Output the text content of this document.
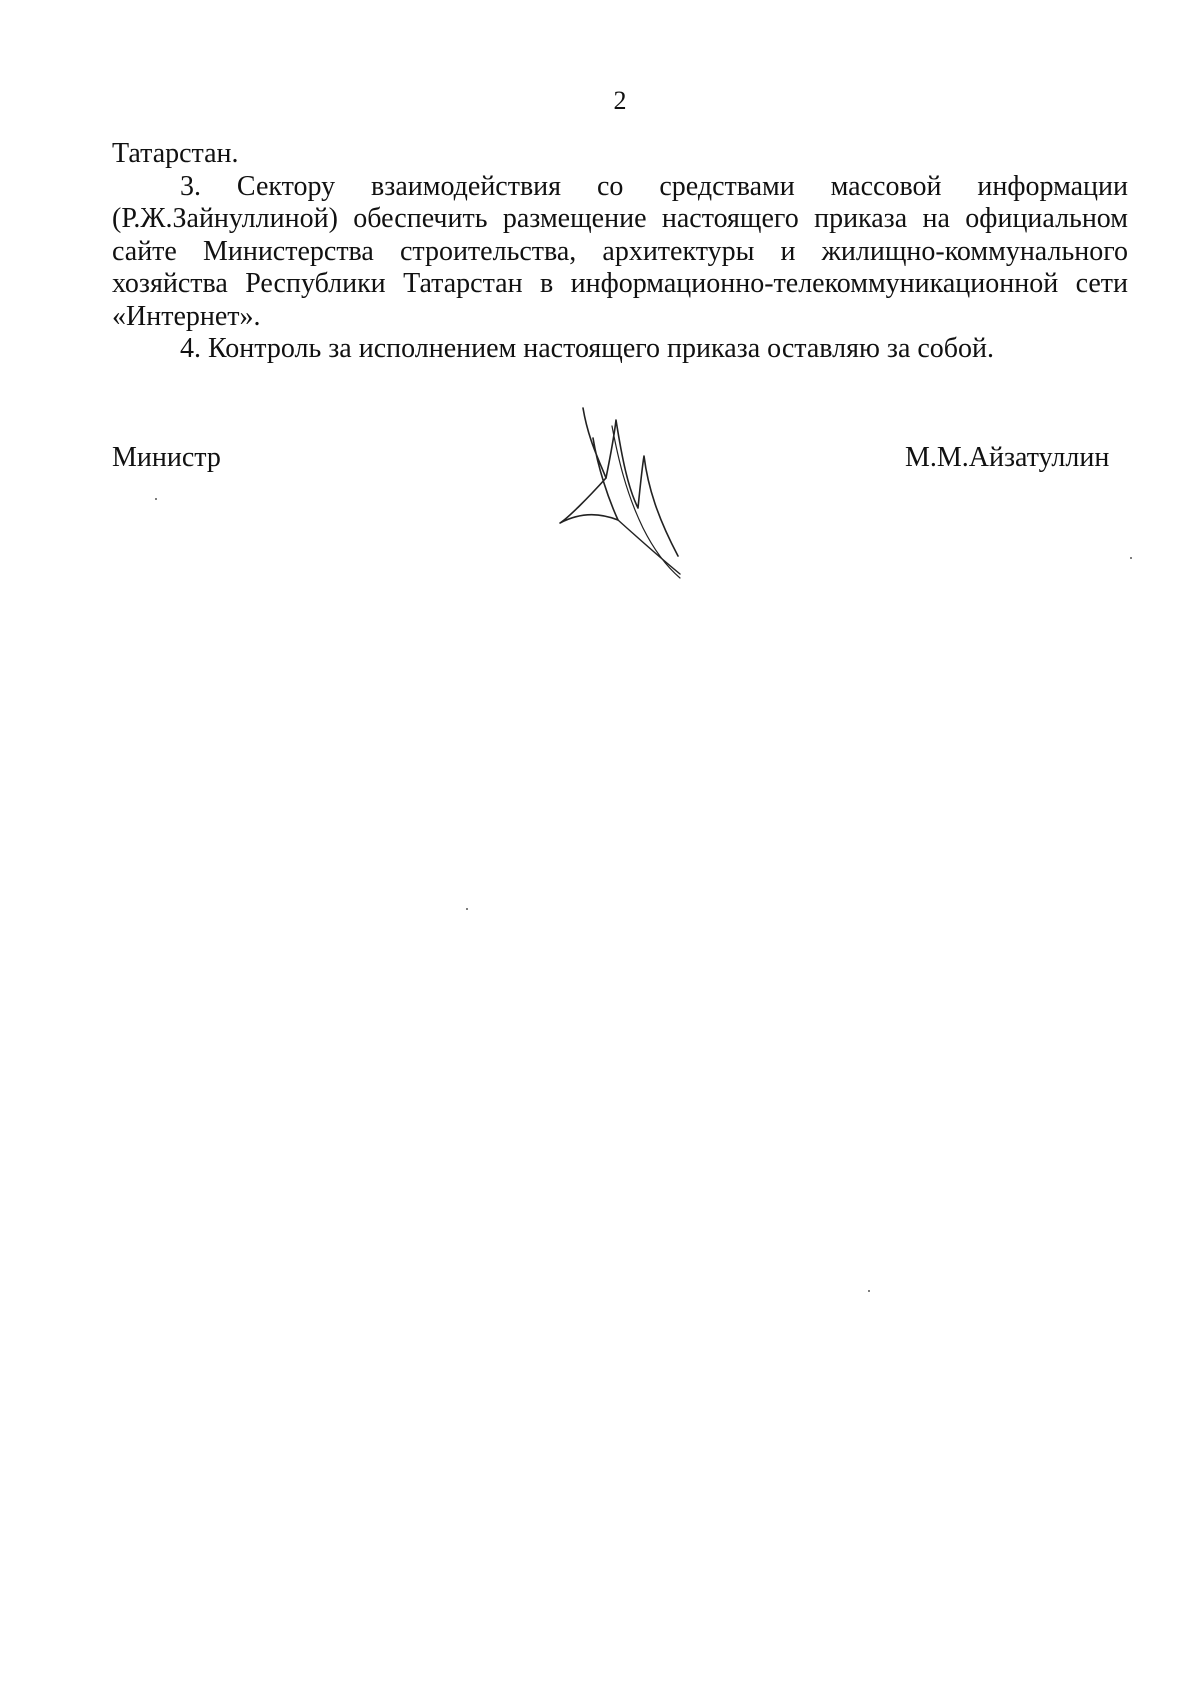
2

Татарстан.

3. Сектору взаимодействия со средствами массовой информации (Р.Ж.Зайнуллиной) обеспечить размещение настоящего приказа на официальном сайте Министерства строительства, архитектуры и жилищно-коммунального хозяйства Республики Татарстан в информационно-телекоммуникационной сети «Интернет».

4. Контроль за исполнением настоящего приказа оставляю за собой.

Министр	М.М.Айзатуллин
